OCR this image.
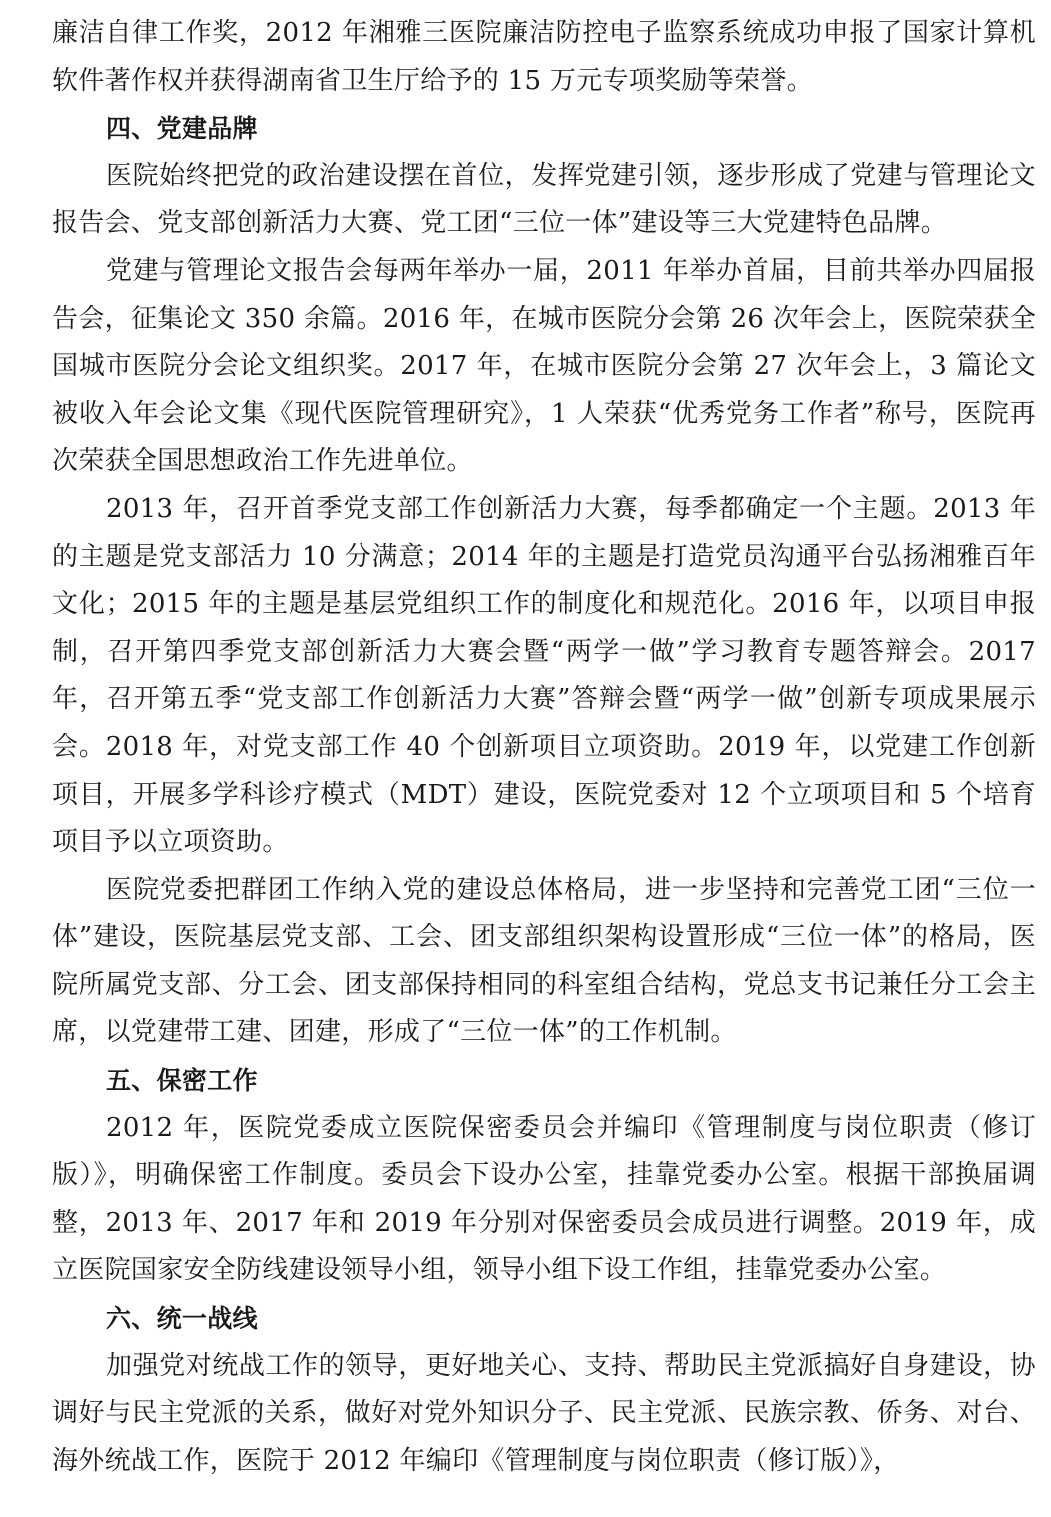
廉洁自律工作奖，2012 年湘雅三医院廉洁防控电子监察系统成功申报了国家计算机软件著作权并获得湖南省卫生厅给予的 15 万元专项奖励等荣誉。

四、党建品牌

医院始终把党的政治建设摆在首位，发挥党建引领，逐步形成了党建与管理论文报告会、党支部创新活力大赛、党工团“三位一体”建设等三大党建特色品牌。

党建与管理论文报告会每两年举办一届，2011 年举办首届，目前共举办四届报告会，征集论文 350 余篇。2016 年，在城市医院分会第 26 次年会上，医院荣获全国城市医院分会论文组织奖。2017 年，在城市医院分会第 27 次年会上，3 篇论文被收入年会论文集《现代医院管理研究》，1 人荣获“优秀党务工作者”称号，医院再次荣获全国思想政治工作先进单位。

2013 年，召开首季党支部工作创新活力大赛，每季都确定一个主题。2013 年的主题是党支部活力 10 分满意；2014 年的主题是打造党员沟通平台弘扬湘雅百年文化；2015 年的主题是基层党组织工作的制度化和规范化。2016 年，以项目申报制，召开第四季党支部创新活力大赛会暨“两学一做”学习教育专题答辩会。2017 年，召开第五季“党支部工作创新活力大赛”答辩会暨“两学一做”创新专项成果展示会。2018 年，对党支部工作 40 个创新项目立项资助。2019 年，以党建工作创新项目，开展多学科诊疗模式（MDT）建设，医院党委对 12 个立项项目和 5 个培育项目予以立项资助。

医院党委把群团工作纳入党的建设总体格局，进一步坚持和完善党工团“三位一体”建设，医院基层党支部、工会、团支部组织架构设置形成“三位一体”的格局，医院所属党支部、分工会、团支部保持相同的科室组合结构，党总支书记兼任分工会主席，以党建带工建、团建，形成了“三位一体”的工作机制。

五、保密工作

2012 年，医院党委成立医院保密委员会并编印《管理制度与岗位职责（修订版）》，明确保密工作制度。委员会下设办公室，挂靠党委办公室。根据干部换届调整，2013 年、2017 年和 2019 年分别对保密委员会成员进行调整。2019 年，成立医院国家安全防线建设领导小组，领导小组下设工作组，挂靠党委办公室。

六、统一战线

加强党对统战工作的领导，更好地关心、支持、帮助民主党派搞好自身建设，协调好与民主党派的关系，做好对党外知识分子、民主党派、民族宗教、侨务、对台、海外统战工作，医院于 2012 年编印《管理制度与岗位职责（修订版）》，
